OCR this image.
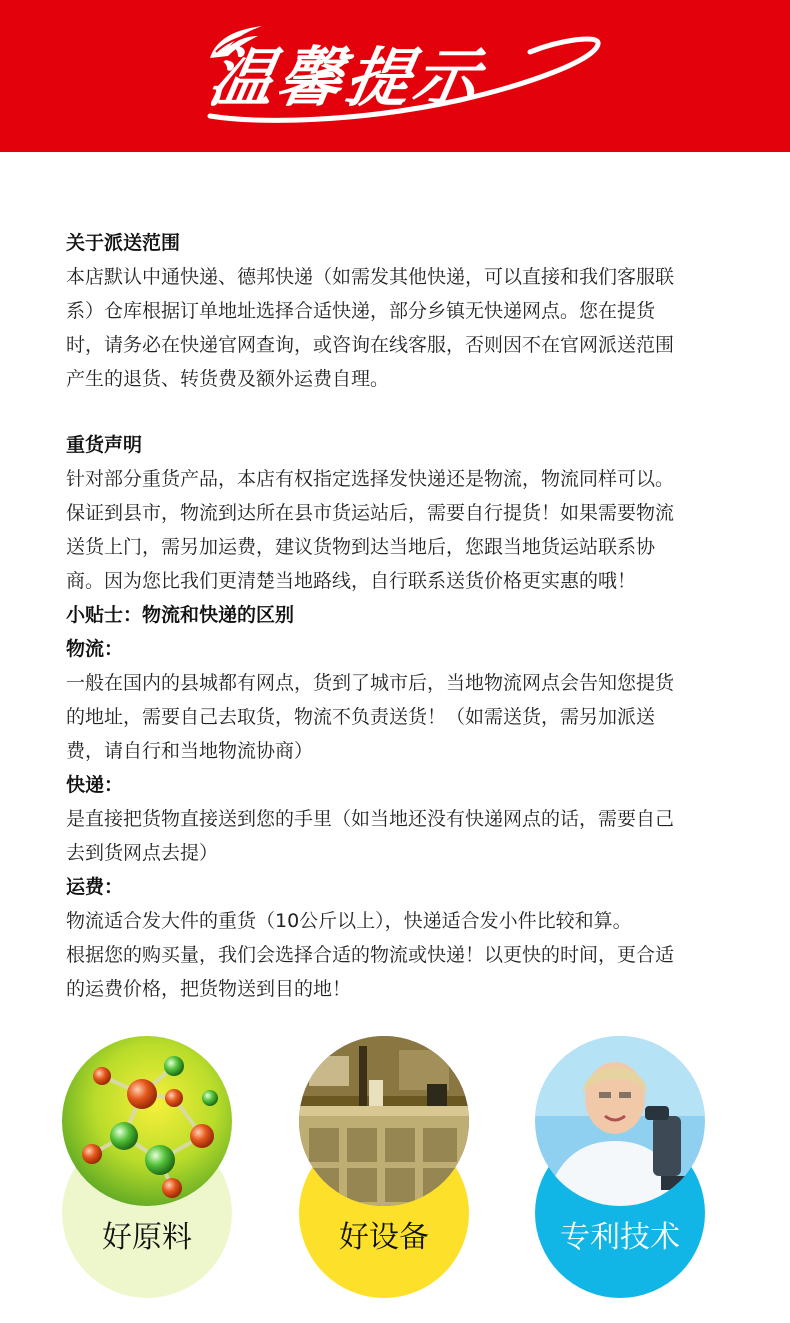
温馨提示
关于派送范围
本店默认中通快递、德邦快递（如需发其他快递，可以直接和我们客服联
系）仓库根据订单地址选择合适快递，部分乡镇无快递网点。您在提货
时，请务必在快递官网查询，或咨询在线客服，否则因不在官网派送范围
产生的退货、转货费及额外运费自理。
重货声明
针对部分重货产品，本店有权指定选择发快递还是物流，物流同样可以。
保证到县市，物流到达所在县市货运站后，需要自行提货！如果需要物流
送货上门，需另加运费，建议货物到达当地后，您跟当地货运站联系协
商。因为您比我们更清楚当地路线，自行联系送货价格更实惠的哦！
小贴士：物流和快递的区别
物流：
一般在国内的县城都有网点，货到了城市后，当地物流网点会告知您提货
的地址，需要自己去取货，物流不负责送货！（如需送货，需另加派送
费，请自行和当地物流协商）
快递：
是直接把货物直接送到您的手里（如当地还没有快递网点的话，需要自己
去到货网点去提）
运费：
物流适合发大件的重货（10公斤以上），快递适合发小件比较和算。
根据您的购买量，我们会选择合适的物流或快递！以更快的时间，更合适
的运费价格，把货物送到目的地！
好原料	好设备	专利技术
